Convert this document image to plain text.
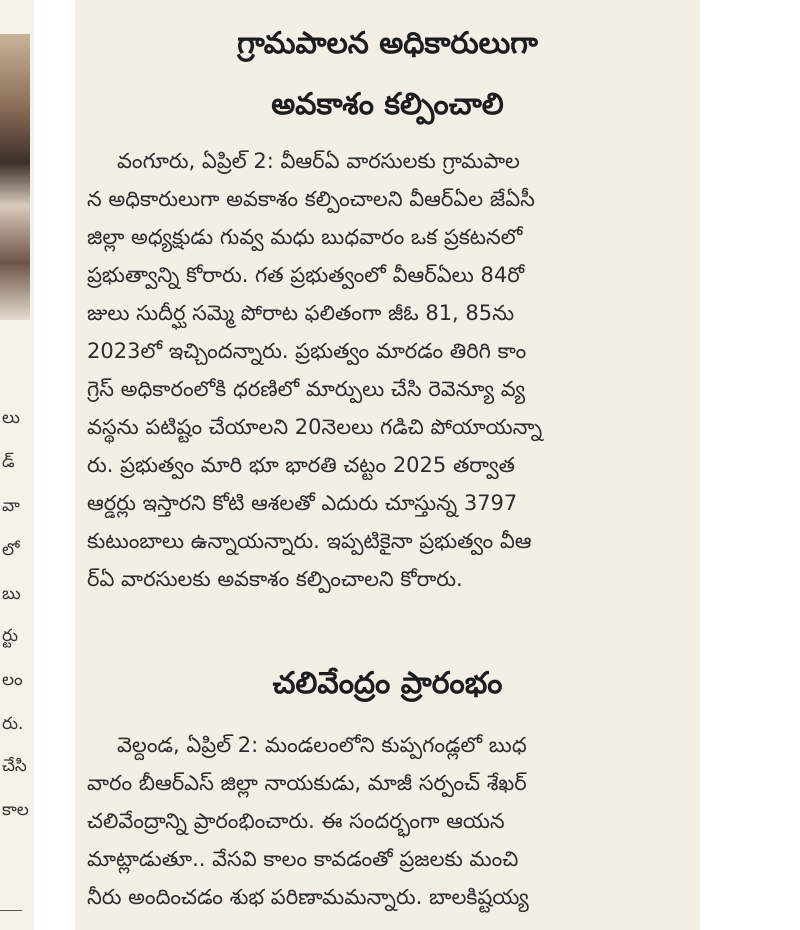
లు
డ్
వా
లో
బు
ర్టు
లం
రు.
చేసి
కాల
గ్రామపాలన అధికారులుగా
అవకాశం కల్పించాలి
వంగూరు, ఏప్రిల్ 2: వీఆర్ఏ వారసులకు గ్రామపాల
న అధికారులుగా అవకాశం కల్పించాలని వీఆర్ఏల జేఏసీ
జిల్లా అధ్యక్షుడు గువ్వ మధు బుధవారం ఒక ప్రకటనలో
ప్రభుత్వాన్ని కోరారు. గత ప్రభుత్వంలో వీఆర్ఏలు 84రో
జులు సుదీర్ఘ సమ్మె పోరాట ఫలితంగా జీఓ 81, 85ను
2023లో ఇచ్చిందన్నారు. ప్రభుత్వం మారడం తిరిగి కాం
గ్రెస్ అధికారంలోకి ధరణిలో మార్పులు చేసి రెవెన్యూ వ్య
వస్థను పటిష్టం చేయాలని 20నెలలు గడిచి పోయాయన్నా
రు. ప్రభుత్వం మారి భూ భారతి చట్టం 2025 తర్వాత
ఆర్డర్లు ఇస్తారని కోటి ఆశలతో ఎదురు చూస్తున్న 3797
కుటుంబాలు ఉన్నాయన్నారు. ఇప్పటికైనా ప్రభుత్వం వీఆ
ర్ఏ వారసులకు అవకాశం కల్పించాలని కోరారు.
చలివేంద్రం ప్రారంభం
వెల్దండ, ఏప్రిల్ 2: మండలంలోని కుప్పగండ్లలో బుధ
వారం బీఆర్ఎస్ జిల్లా నాయకుడు, మాజీ సర్పంచ్ శేఖర్
చలివేంద్రాన్ని ప్రారంభించారు. ఈ సందర్భంగా ఆయన
మాట్లాడుతూ.. వేసవి కాలం కావడంతో ప్రజలకు మంచి
నీరు అందించడం శుభ పరిణామమన్నారు. బాలకిష్టయ్య
